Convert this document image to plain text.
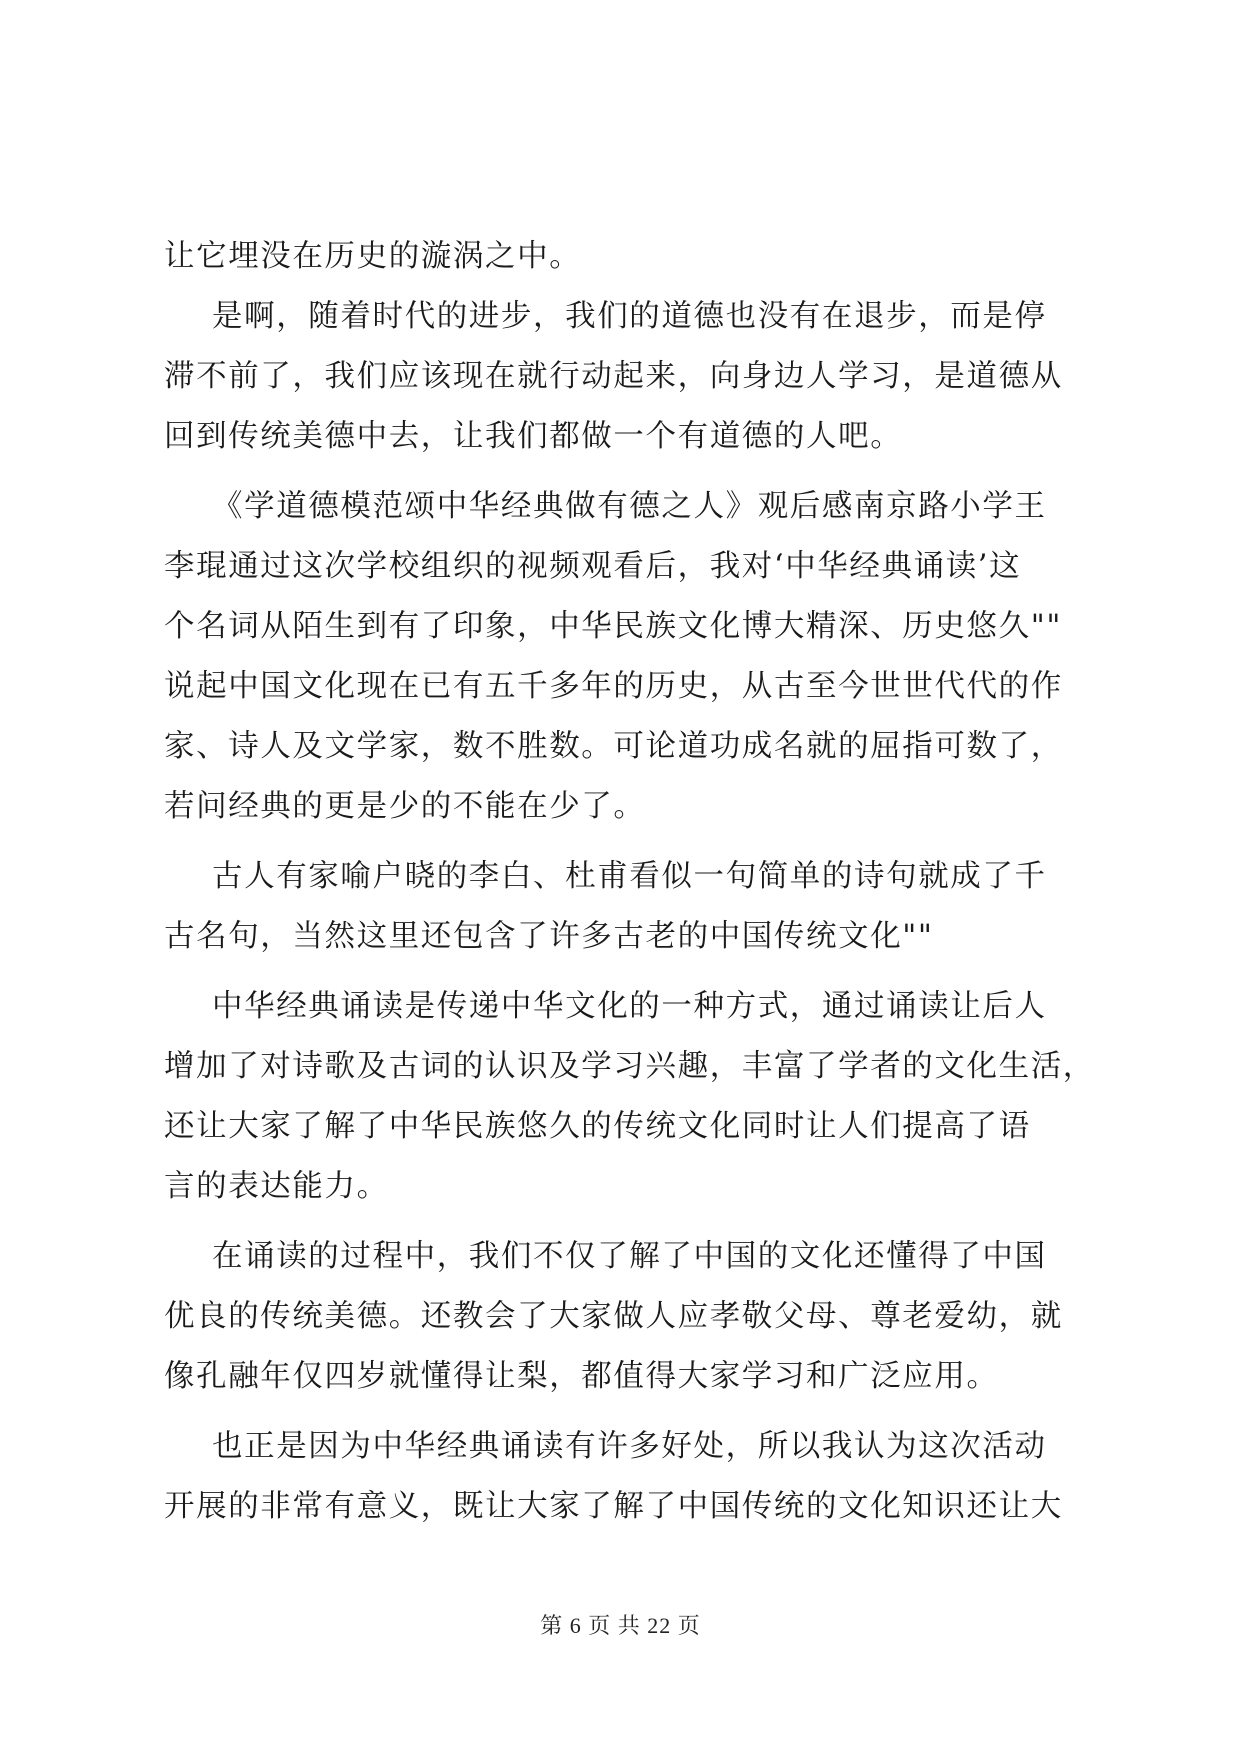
让它埋没在历史的漩涡之中。
是啊，随着时代的进步，我们的道德也没有在退步，而是停
滞不前了，我们应该现在就行动起来，向身边人学习，是道德从
回到传统美德中去，让我们都做一个有道德的人吧。
《学道德模范颂中华经典做有德之人》观后感南京路小学王
李琨通过这次学校组织的视频观看后，我对‘中华经典诵读’这
个名词从陌生到有了印象，中华民族文化博大精深、历史悠久""
说起中国文化现在已有五千多年的历史，从古至今世世代代的作
家、诗人及文学家，数不胜数。可论道功成名就的屈指可数了，
若问经典的更是少的不能在少了。
古人有家喻户晓的李白、杜甫看似一句简单的诗句就成了千
古名句，当然这里还包含了许多古老的中国传统文化""
中华经典诵读是传递中华文化的一种方式，通过诵读让后人
增加了对诗歌及古词的认识及学习兴趣，丰富了学者的文化生活，
还让大家了解了中华民族悠久的传统文化同时让人们提高了语
言的表达能力。
在诵读的过程中，我们不仅了解了中国的文化还懂得了中国
优良的传统美德。还教会了大家做人应孝敬父母、尊老爱幼，就
像孔融年仅四岁就懂得让梨，都值得大家学习和广泛应用。
也正是因为中华经典诵读有许多好处，所以我认为这次活动
开展的非常有意义，既让大家了解了中国传统的文化知识还让大
第 6 页 共 22 页
